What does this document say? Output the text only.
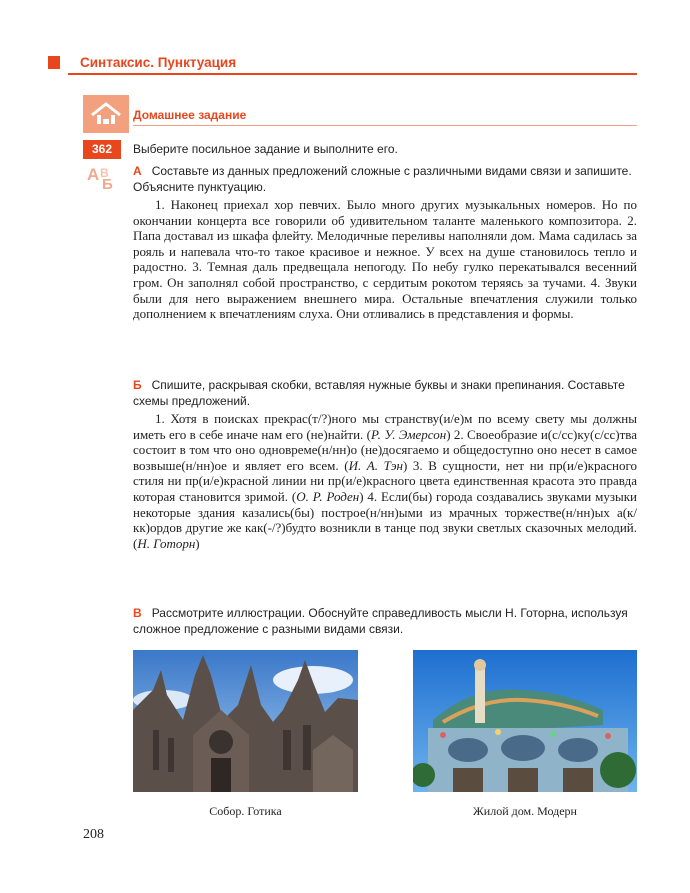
Синтаксис. Пунктуация
Домашнее задание
362	Выберите посильное задание и выполните его.
А
Б
В А Составьте из данных предложений сложные с различными видами связи и запишите. Объясните пунктуацию.

1. Наконец приехал хор певчих. Было много других музыкальных номеров. Но по окончании концерта все говорили об удивительном таланте маленького композитора. 2. Папа доставал из шкафа флейту. Мелодичные переливы наполняли дом. Мама садилась за рояль и напевала что-то такое красивое и нежное. У всех на душе становилось тепло и радостно. 3. Темная даль предвещала непогоду. По небу гулко перекатывался весенний гром. Он заполнял собой пространство, с сердитым рокотом теряясь за тучами. 4. Звуки были для него выражением внешнего мира. Остальные впечатления служили только дополнением к впечатлениям слуха. Они отливались в представления и формы.

Б Спишите, раскрывая скобки, вставляя нужные буквы и знаки препинания. Составьте схемы предложений.

1. Хотя в поисках прекрас(т/?)ного мы странству(и/е)м по всему свету мы должны иметь его в себе иначе нам его (не)найти. (Р. У. Эмерсон) 2. Своеобразие и(с/сс)ку(с/сс)тва состоит в том что оно одновреме(н/нн)о (не)досягаемо и общедоступно оно несет в самое возвыше(н/нн)ое и являет его всем. (И. А. Тэн) 3. В сущности, нет ни пр(и/е)красного стиля ни пр(и/е)красной линии ни пр(и/е)красного цвета единственная красота это правда которая становится зримой. (О. Р. Роден) 4. Если(бы) города создавались звуками музыки некоторые здания казались(бы) построе(н/нн)ыми из мрачных торжестве(н/нн)ых а(к/кк)ордов другие же как(-/?)будто возникли в танце под звуки светлых сказочных мелодий. (Н. Готорн)

В Рассмотрите иллюстрации. Обоснуйте справедливость мысли Н. Готорна, используя сложное предложение с разными видами связи.
Собор. Готика	Жилой дом. Модерн
208
